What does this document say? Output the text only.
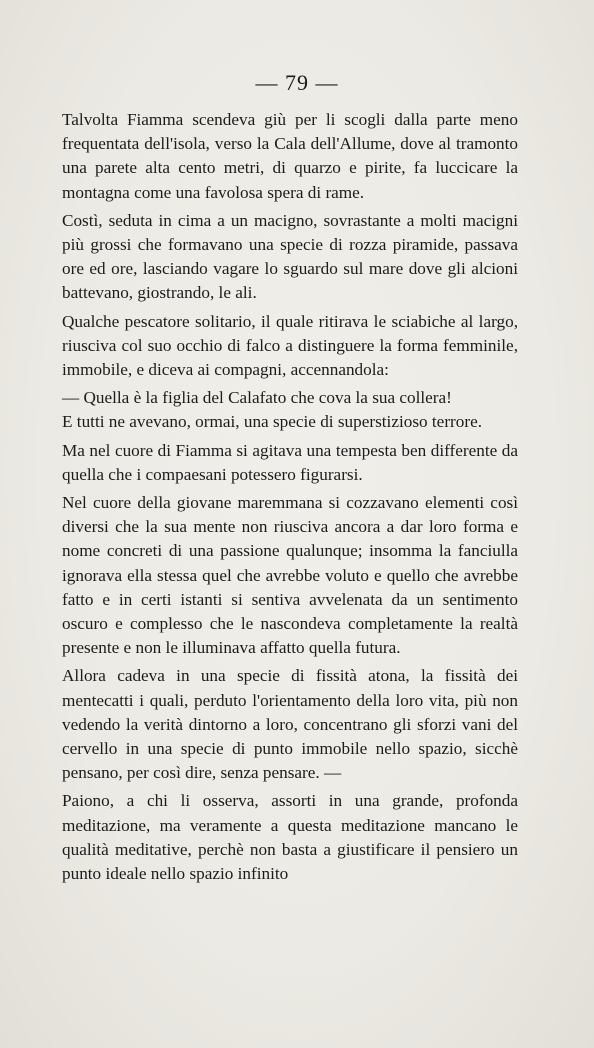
— 79 —

Talvolta Fiamma scendeva giù per li scogli dalla parte meno frequentata dell'isola, verso la Cala dell'Allume, dove al tramonto una parete alta cento metri, di quarzo e pirite, fa luccicare la montagna come una favolosa spera di rame.

Costì, seduta in cima a un macigno, sovrastante a molti macigni più grossi che formavano una specie di rozza piramide, passava ore ed ore, lasciando vagare lo sguardo sul mare dove gli alcioni battevano, giostrando, le ali.

Qualche pescatore solitario, il quale ritirava le sciabiche al largo, riusciva col suo occhio di falco a distinguere la forma femminile, immobile, e diceva ai compagni, accennandola:

— Quella è la figlia del Calafato che cova la sua collera!

E tutti ne avevano, ormai, una specie di superstizioso terrore.

Ma nel cuore di Fiamma si agitava una tempesta ben differente da quella che i compaesani potessero figurarsi.

Nel cuore della giovane maremmana si cozzavano elementi così diversi che la sua mente non riusciva ancora a dar loro forma e nome concreti di una passione qualunque; insomma la fanciulla ignorava ella stessa quel che avrebbe voluto e quello che avrebbe fatto e in certi istanti si sentiva avvelenata da un sentimento oscuro e complesso che le nascondeva completamente la realtà presente e non le illuminava affatto quella futura.

Allora cadeva in una specie di fissità atona, la fissità dei mentecatti i quali, perduto l'orientamento della loro vita, più non vedendo la verità dintorno a loro, concentrano gli sforzi vani del cervello in una specie di punto immobile nello spazio, sicchè pensano, per così dire, senza pensare. —

Paiono, a chi li osserva, assorti in una grande, profonda meditazione, ma veramente a questa meditazione mancano le qualità meditative, perchè non basta a giustificare il pensiero un punto ideale nello spazio infinito
